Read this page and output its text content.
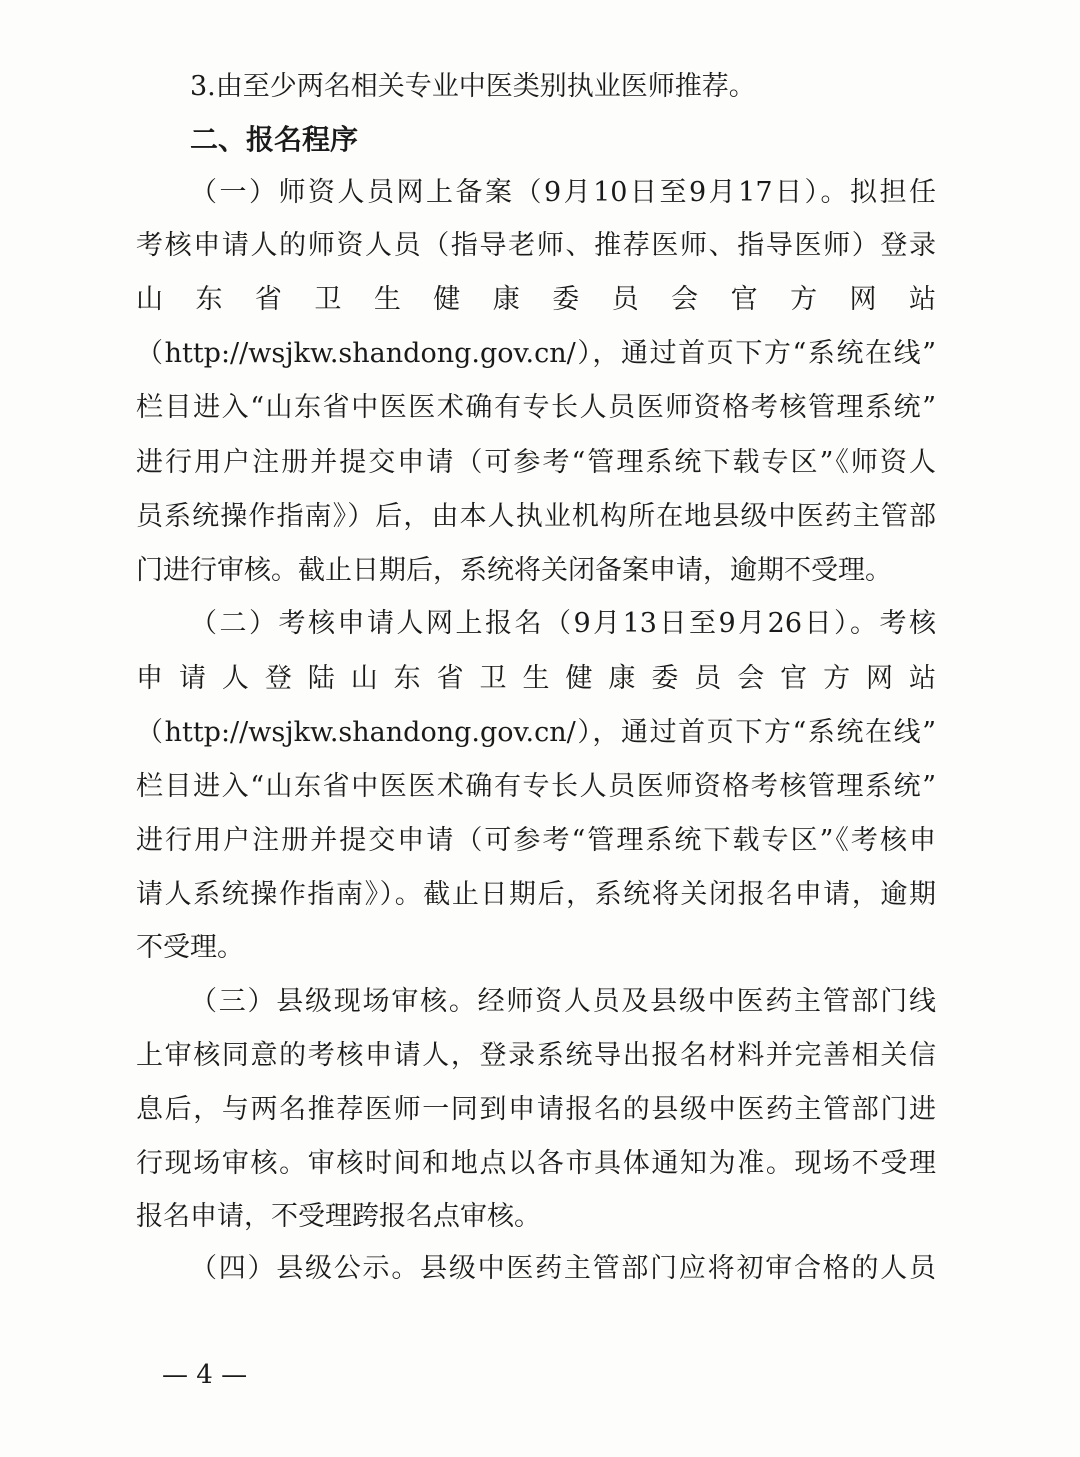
3.由至少两名相关专业中医类别执业医师推荐。
二、报名程序
（一）师资人员网上备案（9月10日至9月17日）。拟担任
考核申请人的师资人员（指导老师、推荐医师、指导医师）登录
山 东 省 卫 生 健 康 委 员 会 官 方 网 站
（http://wsjkw.shandong.gov.cn/），通过首页下方“系统在线”
栏目进入“山东省中医医术确有专长人员医师资格考核管理系统”
进行用户注册并提交申请（可参考“管理系统下载专区”《师资人
员系统操作指南》）后，由本人执业机构所在地县级中医药主管部
门进行审核。截止日期后，系统将关闭备案申请，逾期不受理。
（二）考核申请人网上报名（9月13日至9月26日）。考核
申 请 人 登 陆 山 东 省 卫 生 健 康 委 员 会 官 方 网 站
（http://wsjkw.shandong.gov.cn/），通过首页下方“系统在线”
栏目进入“山东省中医医术确有专长人员医师资格考核管理系统”
进行用户注册并提交申请（可参考“管理系统下载专区”《考核申
请人系统操作指南》）。截止日期后，系统将关闭报名申请，逾期
不受理。
（三）县级现场审核。经师资人员及县级中医药主管部门线
上审核同意的考核申请人，登录系统导出报名材料并完善相关信
息后，与两名推荐医师一同到申请报名的县级中医药主管部门进
行现场审核。审核时间和地点以各市具体通知为准。现场不受理
报名申请，不受理跨报名点审核。
（四）县级公示。县级中医药主管部门应将初审合格的人员
— 4 —
